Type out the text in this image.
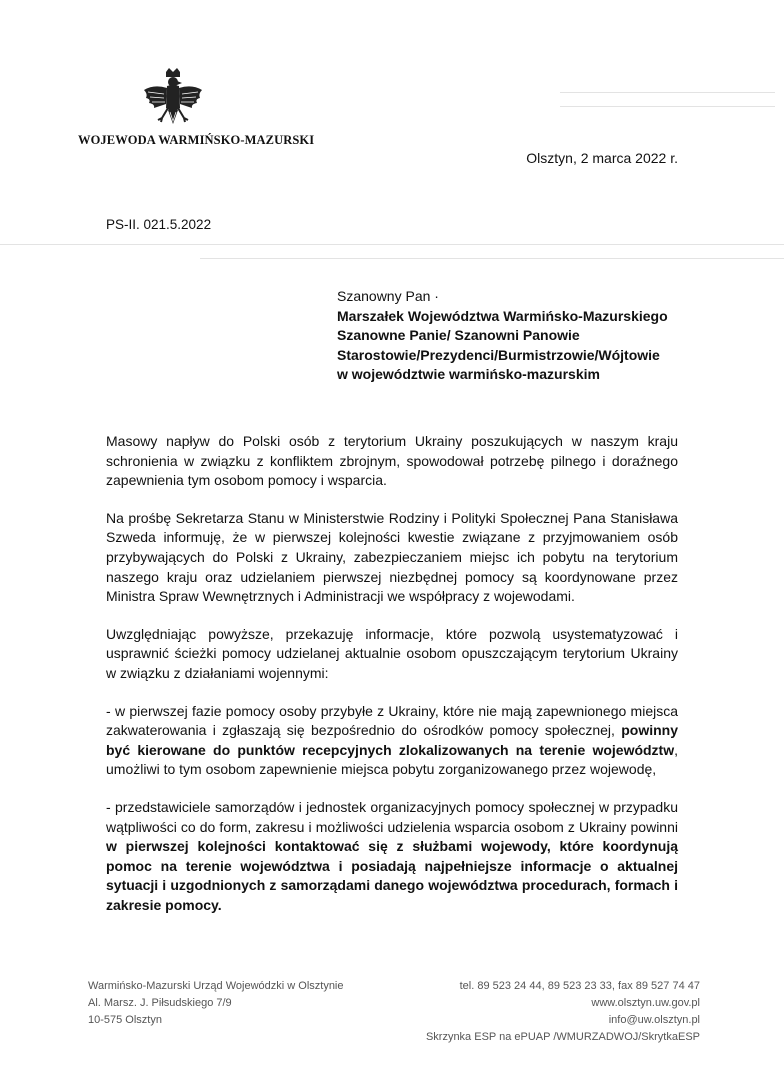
WOJEWODA WARMIŃSKO-MAZURSKI
Olsztyn, 2 marca 2022 r.
PS-II. 021.5.2022
Szanowny Pan ·
Marszałek Województwa Warmińsko-Mazurskiego
Szanowne Panie/ Szanowni Panowie
Starostowie/Prezydenci/Burmistrzowie/Wójtowie
w województwie warmińsko-mazurskim

Masowy napływ do Polski osób z terytorium Ukrainy poszukujących w naszym kraju schronienia w związku z konfliktem zbrojnym, spowodował potrzebę pilnego i doraźnego zapewnienia tym osobom pomocy i wsparcia.

Na prośbę Sekretarza Stanu w Ministerstwie Rodziny i Polityki Społecznej Pana Stanisława Szweda informuję, że w pierwszej kolejności kwestie związane z przyjmowaniem osób przybywających do Polski z Ukrainy, zabezpieczaniem miejsc ich pobytu na terytorium naszego kraju oraz udzielaniem pierwszej niezbędnej pomocy są koordynowane przez Ministra Spraw Wewnętrznych i Administracji we współpracy z wojewodami.

Uwzględniając powyższe, przekazuję informacje, które pozwolą usystematyzować i usprawnić ścieżki pomocy udzielanej aktualnie osobom opuszczającym terytorium Ukrainy w związku z działaniami wojennymi:

- w pierwszej fazie pomocy osoby przybyłe z Ukrainy, które nie mają zapewnionego miejsca zakwaterowania i zgłaszają się bezpośrednio do ośrodków pomocy społecznej, powinny być kierowane do punktów recepcyjnych zlokalizowanych na terenie województw, umożliwi to tym osobom zapewnienie miejsca pobytu zorganizowanego przez wojewodę,

- przedstawiciele samorządów i jednostek organizacyjnych pomocy społecznej w przypadku wątpliwości co do form, zakresu i możliwości udzielenia wsparcia osobom z Ukrainy powinni w pierwszej kolejności kontaktować się z służbami wojewody, które koordynują pomoc na terenie województwa i posiadają najpełniejsze informacje o aktualnej sytuacji i uzgodnionych z samorządami danego województwa procedurach, formach i zakresie pomocy.

Warmińsko-Mazurski Urząd Wojewódzki w Olsztynie
Al. Marsz. J. Piłsudskiego 7/9
10-575 Olsztyn
tel. 89 523 24 44, 89 523 23 33, fax 89 527 74 47
www.olsztyn.uw.gov.pl
info@uw.olsztyn.pl
Skrzynka ESP na ePUAP /WMURZADWOJ/SkrytkaESP
